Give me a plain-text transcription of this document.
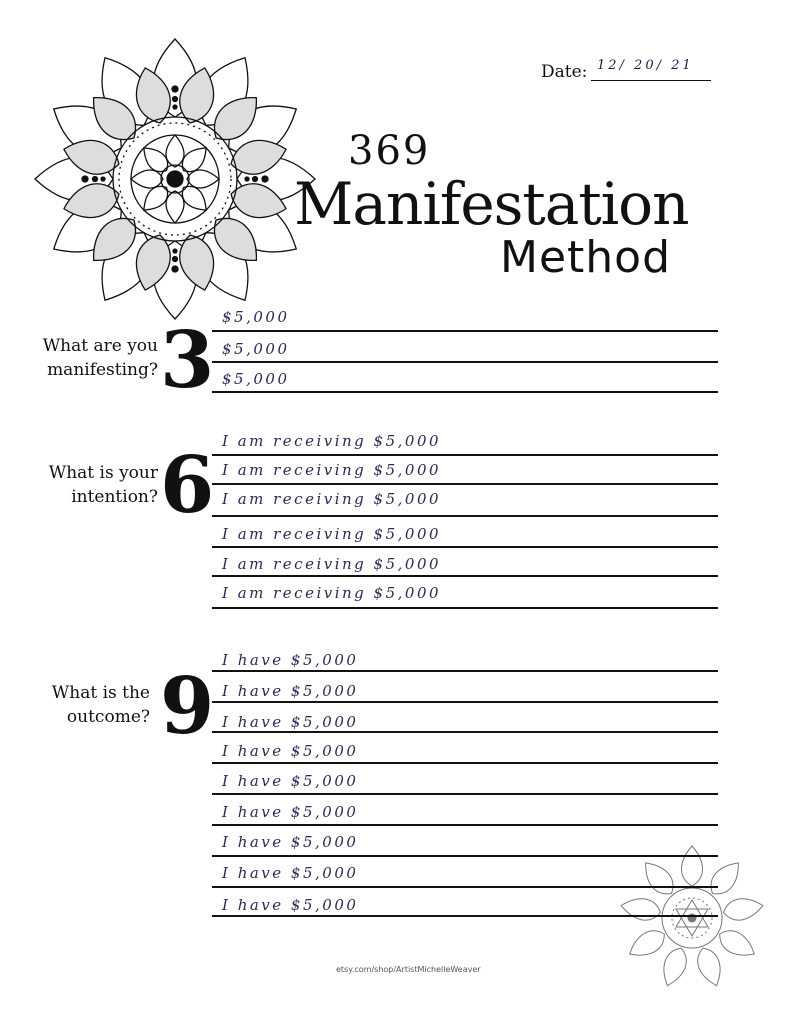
Date: 12/ 20/ 21
369
Manifestation
Method
What are you
manifesting? 3 $5,000
$5,000
$5,000
What is your
intention? 6 I am receiving $5,000
I am receiving $5,000
I am receiving $5,000
I am receiving $5,000
I am receiving $5,000
I am receiving $5,000
What is the
outcome? 9
I have $5,000
I have $5,000
I have $5,000
I have $5,000
I have $5,000
I have $5,000
I have $5,000
I have $5,000
I have $5,000
etsy.com/shop/ArtistMichelleWeaver
